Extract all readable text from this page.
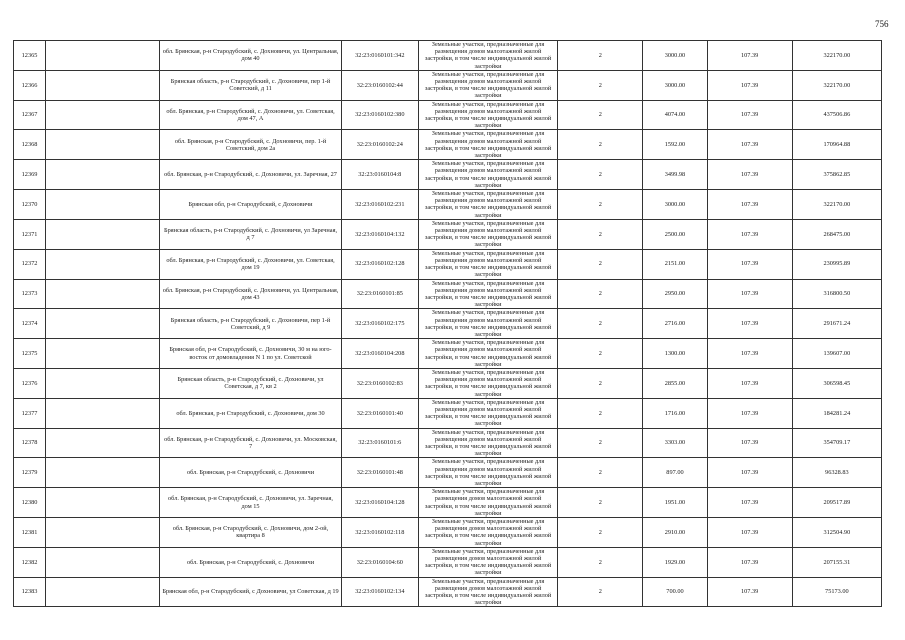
756
12365		обл. Брянская, р-н Стародубский, с. Дохновичи, ул. Центральная, дом 40	32:23:0160101:342	Земельные участки, предназначенные для размещения домов малоэтажной жилой застройки, в том числе индивидуальной жилой застройки	2	3000.00	107.39	322170.00
12366		Брянская область, р-н Стародубский, с. Дохновичи, пер 1-й Советский, д 11	32:23:0160102:44	Земельные участки, предназначенные для размещения домов малоэтажной жилой застройки, в том числе индивидуальной жилой застройки	2	3000.00	107.39	322170.00
12367		обл. Брянская, р-н Стародубский, с. Дохновичи, ул. Советская, дом 47, А	32:23:0160102:380	Земельные участки, предназначенные для размещения домов малоэтажной жилой застройки, в том числе индивидуальной жилой застройки	2	4074.00	107.39	437506.86
12368		обл. Брянская, р-н Стародубский, с. Дохновичи, пер. 1-й Советский, дом 2а	32:23:0160102:24	Земельные участки, предназначенные для размещения домов малоэтажной жилой застройки, в том числе индивидуальной жилой застройки	2	1592.00	107.39	170964.88
12369		обл. Брянская, р-н Стародубский, с. Дохновичи, ул. Заречная, 27	32:23:0160104:8	Земельные участки, предназначенные для размещения домов малоэтажной жилой застройки, в том числе индивидуальной жилой застройки	2	3499.98	107.39	375862.85
12370		Брянская обл, р-н Стародубский, с Дохновичи	32:23:0160102:231	Земельные участки, предназначенные для размещения домов малоэтажной жилой застройки, в том числе индивидуальной жилой застройки	2	3000.00	107.39	322170.00
12371		Брянская область, р-н Стародубский, с. Дохновичи, ул Заречная, д 7	32:23:0160104:132	Земельные участки, предназначенные для размещения домов малоэтажной жилой застройки, в том числе индивидуальной жилой застройки	2	2500.00	107.39	268475.00
12372		обл. Брянская, р-н Стародубский, с. Дохновичи, ул. Советская, дом 19	32:23:0160102:128	Земельные участки, предназначенные для размещения домов малоэтажной жилой застройки, в том числе индивидуальной жилой застройки	2	2151.00	107.39	230995.89
12373		обл. Брянская, р-н Стародубский, с. Дохновичи, ул. Центральная, дом 43	32:23:0160101:85	Земельные участки, предназначенные для размещения домов малоэтажной жилой застройки, в том числе индивидуальной жилой застройки	2	2950.00	107.39	316800.50
12374		Брянская область, р-н Стародубский, с. Дохновичи, пер 1-й Советский, д 9	32:23:0160102:175	Земельные участки, предназначенные для размещения домов малоэтажной жилой застройки, в том числе индивидуальной жилой застройки	2	2716.00	107.39	291671.24
12375		Брянская обл, р-н Стародубский, с. Дохновичи, 30 м на юго-восток от домовладения N 1 по ул. Советской	32:23:0160104:208	Земельные участки, предназначенные для размещения домов малоэтажной жилой застройки, в том числе индивидуальной жилой застройки	2	1300.00	107.39	139607.00
12376		Брянская область, р-н Стародубский, с. Дохновичи, ул Советская, д 7, кв 2	32:23:0160102:83	Земельные участки, предназначенные для размещения домов малоэтажной жилой застройки, в том числе индивидуальной жилой застройки	2	2855.00	107.39	306598.45
12377		обл. Брянская, р-н Стародубский, с. Дохновичи, дом 30	32:23:0160101:40	Земельные участки, предназначенные для размещения домов малоэтажной жилой застройки, в том числе индивидуальной жилой застройки	2	1716.00	107.39	184281.24
12378		обл. Брянская, р-н Стародубский, с. Дохновичи, ул. Московская, 7	32:23:0160101:6	Земельные участки, предназначенные для размещения домов малоэтажной жилой застройки, в том числе индивидуальной жилой застройки	2	3303.00	107.39	354709.17
12379		обл. Брянская, р-н Стародубский, с. Дохновичи	32:23:0160101:48	Земельные участки, предназначенные для размещения домов малоэтажной жилой застройки, в том числе индивидуальной жилой застройки	2	897.00	107.39	96328.83
12380		обл. Брянская, р-н Стародубский, с. Дохновичи, ул. Заречная, дом 15	32:23:0160104:128	Земельные участки, предназначенные для размещения домов малоэтажной жилой застройки, в том числе индивидуальной жилой застройки	2	1951.00	107.39	209517.89
12381		обл. Брянская, р-н Стародубский, с. Дохновичи, дом 2-ой, квартира 8	32:23:0160102:118	Земельные участки, предназначенные для размещения домов малоэтажной жилой застройки, в том числе индивидуальной жилой застройки	2	2910.00	107.39	312504.90
12382		обл. Брянская, р-н Стародубский, с. Дохновичи	32:23:0160104:60	Земельные участки, предназначенные для размещения домов малоэтажной жилой застройки, в том числе индивидуальной жилой застройки	2	1929.00	107.39	207155.31
12383		Брянская обл, р-н Стародубский, с Дохновичи, ул Советская, д 19	32:23:0160102:134	Земельные участки, предназначенные для размещения домов малоэтажной жилой застройки, в том числе индивидуальной жилой застройки	2	700.00	107.39	75173.00
